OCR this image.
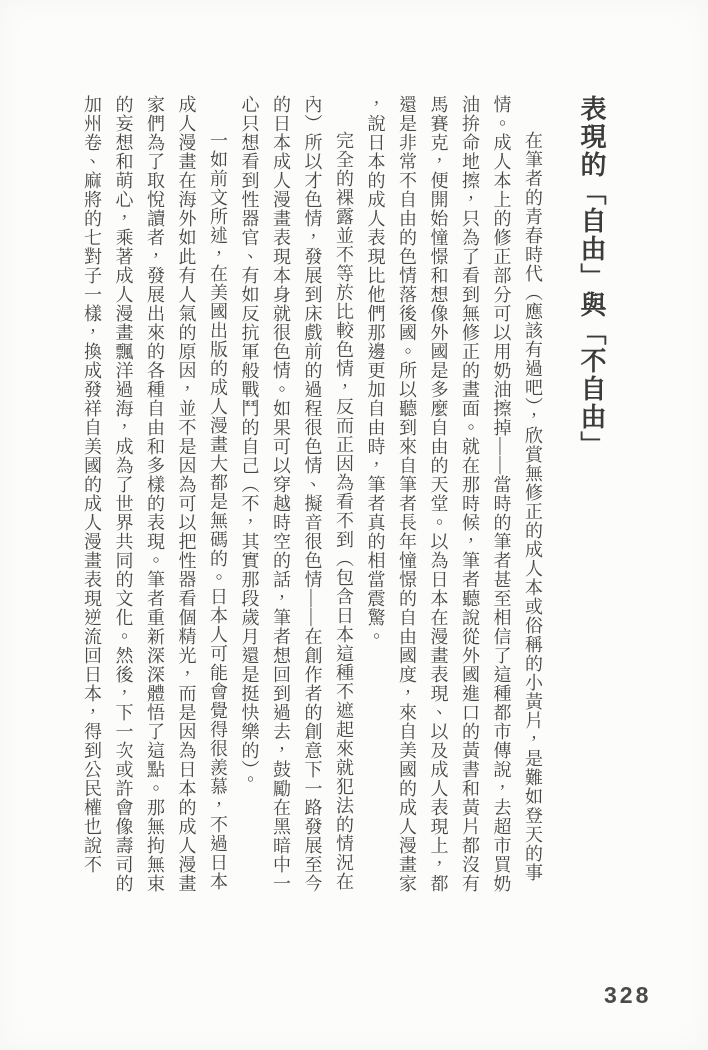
表現的「自由」與「不自由」

在筆者的青春時代（應該有過吧），欣賞無修正的成人本或俗稱的小黃片，是難如登天的事情。成人本上的修正部分可以用奶油擦掉——當時的筆者甚至相信了這種都市傳說，去超市買奶油拚命地擦，只為了看到無修正的畫面。就在那時候，筆者聽說從外國進口的黃書和黃片都沒有馬賽克，便開始憧憬和想像外國是多麼自由的天堂。以為日本在漫畫表現、以及成人表現上，都還是非常不自由的色情落後國。所以聽到來自筆者長年憧憬的自由國度，來自美國的成人漫畫家，說日本的成人表現比他們那邊更加自由時，筆者真的相當震驚。

完全的裸露並不等於比較色情，反而正因為看不到（包含日本這種不遮起來就犯法的情況在內）所以才色情，發展到床戲前的過程很色情、擬音很色情——在創作者的創意下一路發展至今的日本成人漫畫表現本身就很色情。如果可以穿越時空的話，筆者想回到過去，鼓勵在黑暗中一心只想看到性器官、有如反抗軍般戰鬥的自己（不，其實那段歲月還是挺快樂的）。

一如前文所述，在美國出版的成人漫畫大都是無碼的。日本人可能會覺得很羨慕，不過日本成人漫畫在海外如此有人氣的原因，並不是因為可以把性器看個精光，而是因為日本的成人漫畫家們為了取悅讀者，發展出來的各種自由和多樣的表現。筆者重新深深體悟了這點。那無拘無束的妄想和萌心，乘著成人漫畫飄洋過海，成為了世界共同的文化。然後，下一次或許會像壽司的加州卷、麻將的七對子一樣，換成發祥自美國的成人漫畫表現逆流回日本，得到公民權也說不

328
